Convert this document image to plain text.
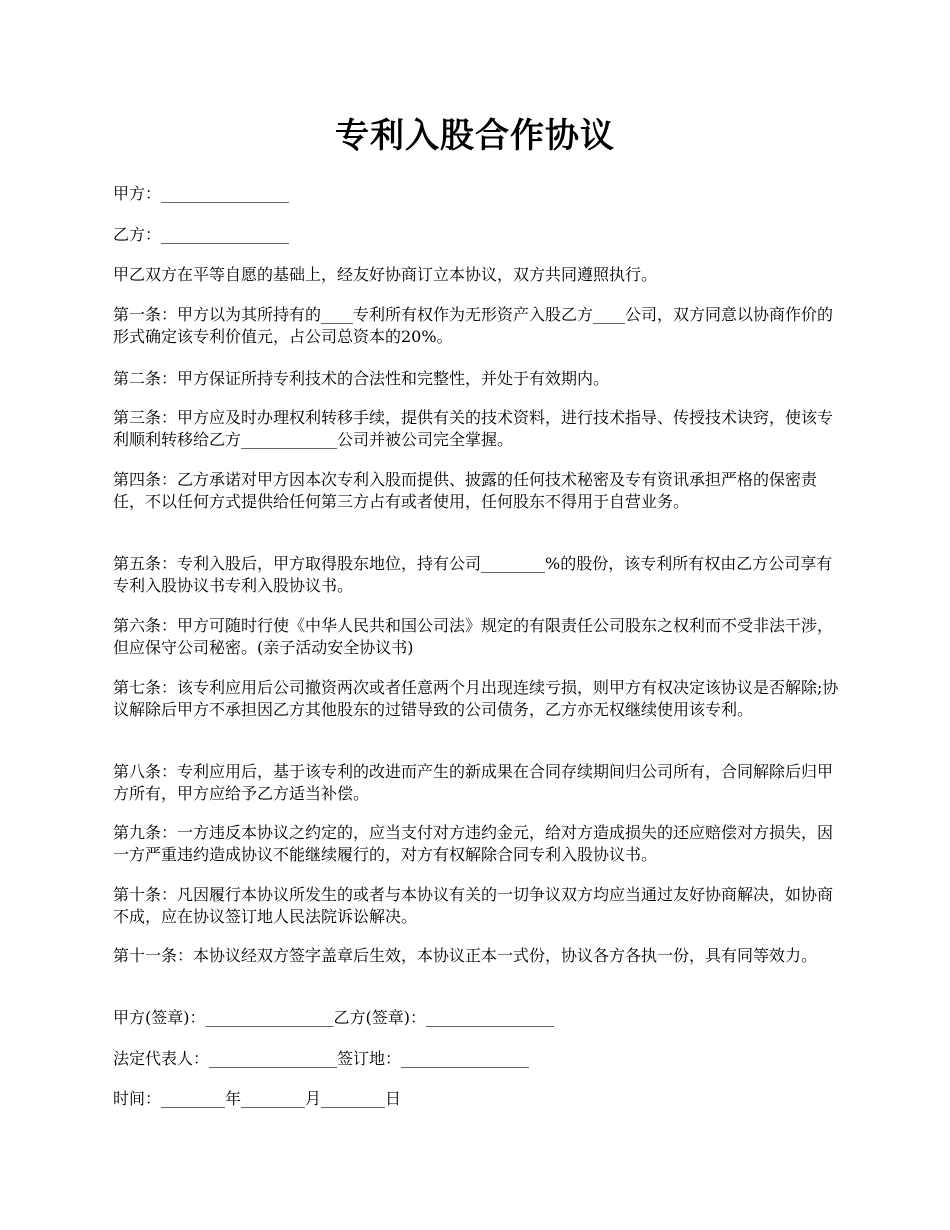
专利入股合作协议

甲方：________________

乙方：________________

甲乙双方在平等自愿的基础上，经友好协商订立本协议，双方共同遵照执行。

第一条：甲方以为其所持有的____专利所有权作为无形资产入股乙方____公司，双方同意以协商作价的形式确定该专利价值元，占公司总资本的20%。

第二条：甲方保证所持专利技术的合法性和完整性，并处于有效期内。

第三条：甲方应及时办理权利转移手续，提供有关的技术资料，进行技术指导、传授技术诀窍，使该专利顺利转移给乙方____________公司并被公司完全掌握。

第四条：乙方承诺对甲方因本次专利入股而提供、披露的任何技术秘密及专有资讯承担严格的保密责任，不以任何方式提供给任何第三方占有或者使用，任何股东不得用于自营业务。

第五条：专利入股后，甲方取得股东地位，持有公司________%的股份，该专利所有权由乙方公司享有专利入股协议书专利入股协议书。

第六条：甲方可随时行使《中华人民共和国公司法》规定的有限责任公司股东之权利而不受非法干涉，但应保守公司秘密。(亲子活动安全协议书)

第七条：该专利应用后公司撤资两次或者任意两个月出现连续亏损，则甲方有权决定该协议是否解除;协议解除后甲方不承担因乙方其他股东的过错导致的公司债务，乙方亦无权继续使用该专利。

第八条：专利应用后，基于该专利的改进而产生的新成果在合同存续期间归公司所有，合同解除后归甲方所有，甲方应给予乙方适当补偿。

第九条：一方违反本协议之约定的，应当支付对方违约金元，给对方造成损失的还应赔偿对方损失，因一方严重违约造成协议不能继续履行的，对方有权解除合同专利入股协议书。

第十条：凡因履行本协议所发生的或者与本协议有关的一切争议双方均应当通过友好协商解决，如协商不成，应在协议签订地人民法院诉讼解决。

第十一条：本协议经双方签字盖章后生效，本协议正本一式份，协议各方各执一份，具有同等效力。

甲方(签章)：________________乙方(签章)：________________

法定代表人：________________签订地：________________

时间：________年________月________日
